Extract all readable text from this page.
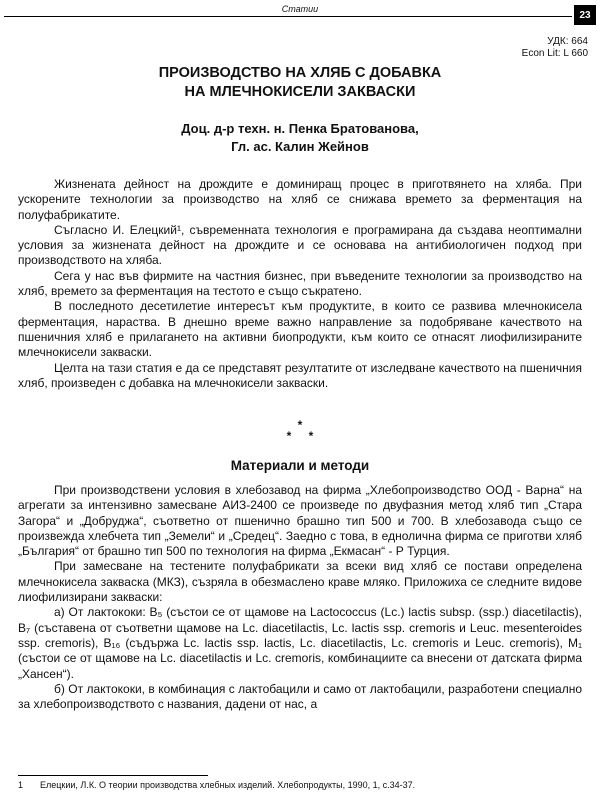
Статии
23
УДК: 664
Econ Lit: L 660
ПРОИЗВОДСТВО НА ХЛЯБ С ДОБАВКА
НА МЛЕЧНОКИСЕЛИ ЗАКВАСКИ
Доц. д-р техн. н. Пенка Братованова,
Гл. ас. Калин Жейнов

Жизнената дейност на дрождите е доминиращ процес в приготвянето на хляба. При ускорените технологии за производство на хляб се снижава времето за ферментация на полуфабрикатите.

Съгласно И. Елецкий¹, съвременната технология е програмирана да създава неоптимални условия за жизнената дейност на дрождите и се основава на антибиологичен подход при производството на хляба.

Сега у нас във фирмите на частния бизнес, при въведените технологии за производство на хляб, времето за ферментация на тестото е също съкратено.

В последното десетилетие интересът към продуктите, в които се развива млечнокисела ферментация, нараства. В днешно време важно направление за подобряване качеството на пшеничния хляб е прилагането на активни биопродукти, към които се отнасят лиофилизираните млечнокисели закваски.

Целта на тази статия е да се представят резултатите от изследване качеството на пшеничния хляб, произведен с добавка на млечнокисели закваски.

*
* *
Материали и методи

При производствени условия в хлебозавод на фирма „Хлебопроизводство ООД - Варна“ на агрегати за интензивно замесване АИЗ-2400 се произведе по двуфазния метод хляб тип „Стара Загора“ и „Добруджа“, съответно от пшенично брашно тип 500 и 700. В хлебозавода също се произвеждa хлебчета тип „Земели“ и „Средец“. Заедно с това, в еднолична фирма се приготви хляб „България“ от брашно тип 500 по технология на фирма „Екмасан“ - Р Турция.

При замесване на тестените полуфабрикати за всеки вид хляб се постави определена млечнокисела закваска (МКЗ), съзряла в обезмаслено краве мляко. Приложиха се следните видове лиофилизирани закваски:

а) От лактококи: В₅ (състои се от щамове на Lactococcus (Lc.) lactis subsp. (ssp.) diacetilactis), В₇ (съставена от съответни щамове на Lc. diacetilactis, Lc. lactis ssp. cremoris и Leuc. mesenteroides ssp. cremoris), В₁₆ (съдържа Lc. lactis ssp. lactis, Lc. diacetilactis, Lc. cremoris и Leuc. cremoris), М₁ (състои се от щамове на Lc. diacetilactis и Lc. cremoris, комбинациите са внесени от датската фирма „Хансен“).

б) От лактококи, в комбинация с лактобацили и само от лактобацили, разработени специално за хлебопроизводството с названия, дадени от нас, а

1 Елецкии, Л.К. О теории производства хлебных изделий. Хлебопродукты, 1990, 1, с.34-37.
